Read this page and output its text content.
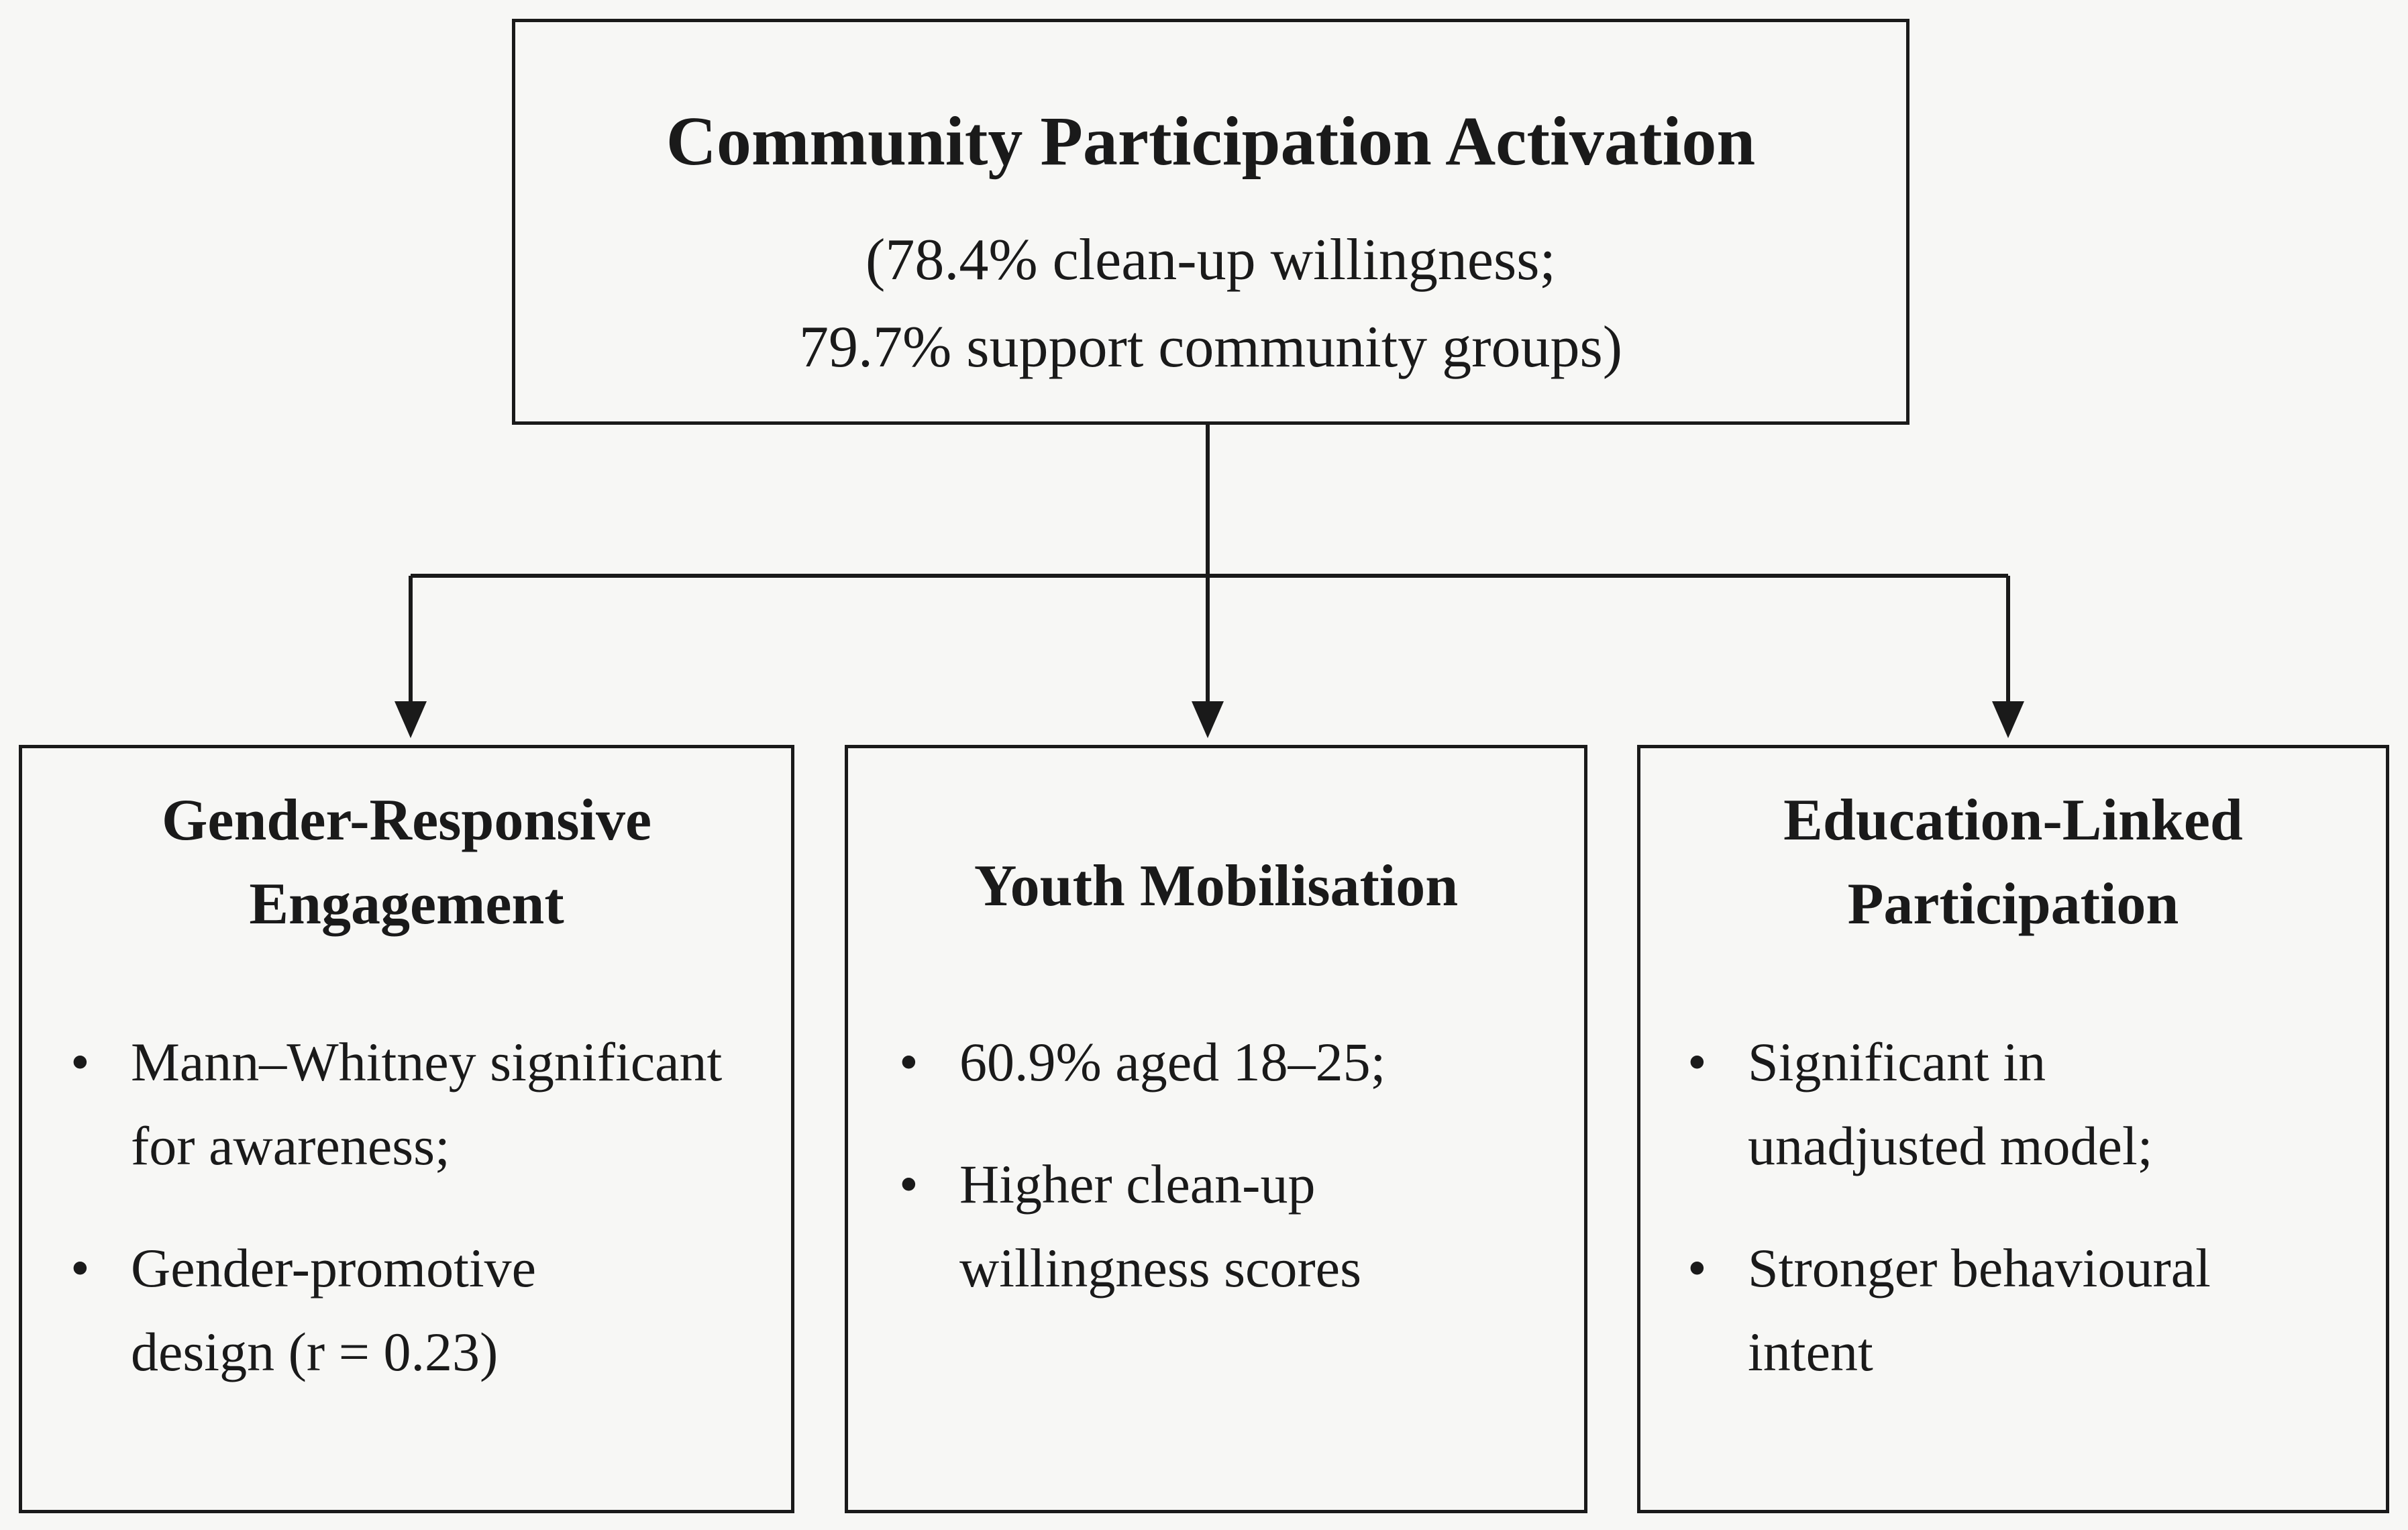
Community Participation Activation
(78.4% clean-up willingness;
79.7% support community groups)
Gender-Responsive
Engagement	Youth Mobilisation
Education-Linked
Participation
• Mann–Whitney significant
for awareness;
• Gender-promotive
design (r = 0.23)
• 60.9% aged 18–25;
• Higher clean-up
willingness scores
• Significant in
unadjusted model;
• Stronger behavioural
intent
